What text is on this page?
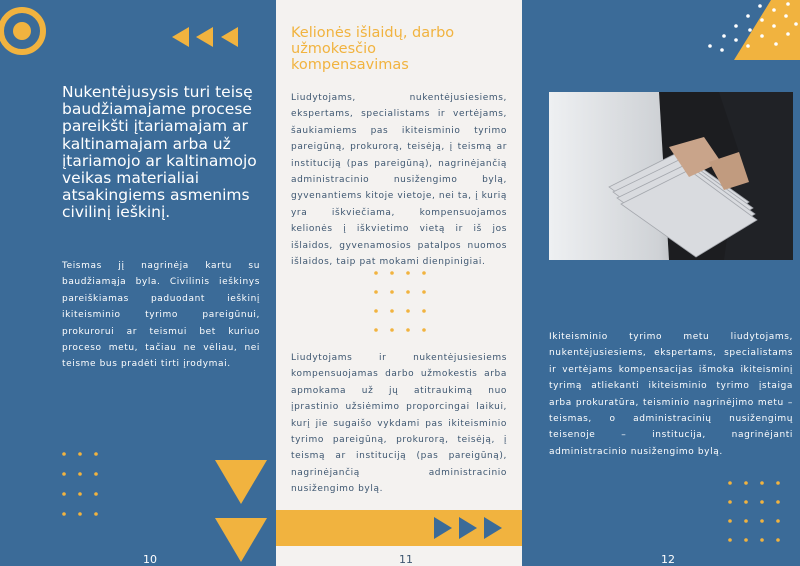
Nukentėjusysis turi teisę baudžiamajame procese pareikšti įtariamajam ar kaltinamajam arba už įtariamojo ar kaltinamojo veikas materialiai atsakingiems asmenims civilinį ieškinį.
Teismas jį nagrinėja kartu su baudžiamąja byla. Civilinis ieškinys pareiškiamas paduodant ieškinį ikiteisminio tyrimo pareigūnui, prokurorui ar teismui bet kuriuo proceso metu, tačiau ne vėliau, nei teisme bus pradėti tirti įrodymai.
10
Kelionės išlaidų, darbo užmokesčio kompensavimas
Liudytojams, nukentėjusiesiems, ekspertams, specialistams ir vertėjams, šaukiamiems pas ikiteisminio tyrimo pareigūną, prokurorą, teisėją, į teismą ar instituciją (pas pareigūną), nagrinėjančią administracinio nusižengimo bylą, gyvenantiems kitoje vietoje, nei ta, į kurią yra iškviečiama, kompensuojamos kelionės į iškvietimo vietą ir iš jos išlaidos, gyvenamosios patalpos nuomos išlaidos, taip pat mokami dienpinigiai.
Liudytojams ir nukentėjusiesiems kompensuojamas darbo užmokestis arba apmokama už jų atitraukimą nuo įprastinio užsiėmimo proporcingai laikui, kurį jie sugaišo vykdami pas ikiteisminio tyrimo pareigūną, prokurorą, teisėją, į teismą ar instituciją (pas pareigūną), nagrinėjančią administracinio nusižengimo bylą.
11
Ikiteisminio tyrimo metu liudytojams, nukentėjusiesiems, ekspertams, specialistams ir vertėjams kompensacijas išmoka ikiteisminį tyrimą atliekanti ikiteisminio tyrimo įstaiga arba prokuratūra, teisminio nagrinėjimo metu – teismas, o administracinių nusižengimų teisenoje – institucija, nagrinėjanti administracinio nusižengimo bylą.
12
